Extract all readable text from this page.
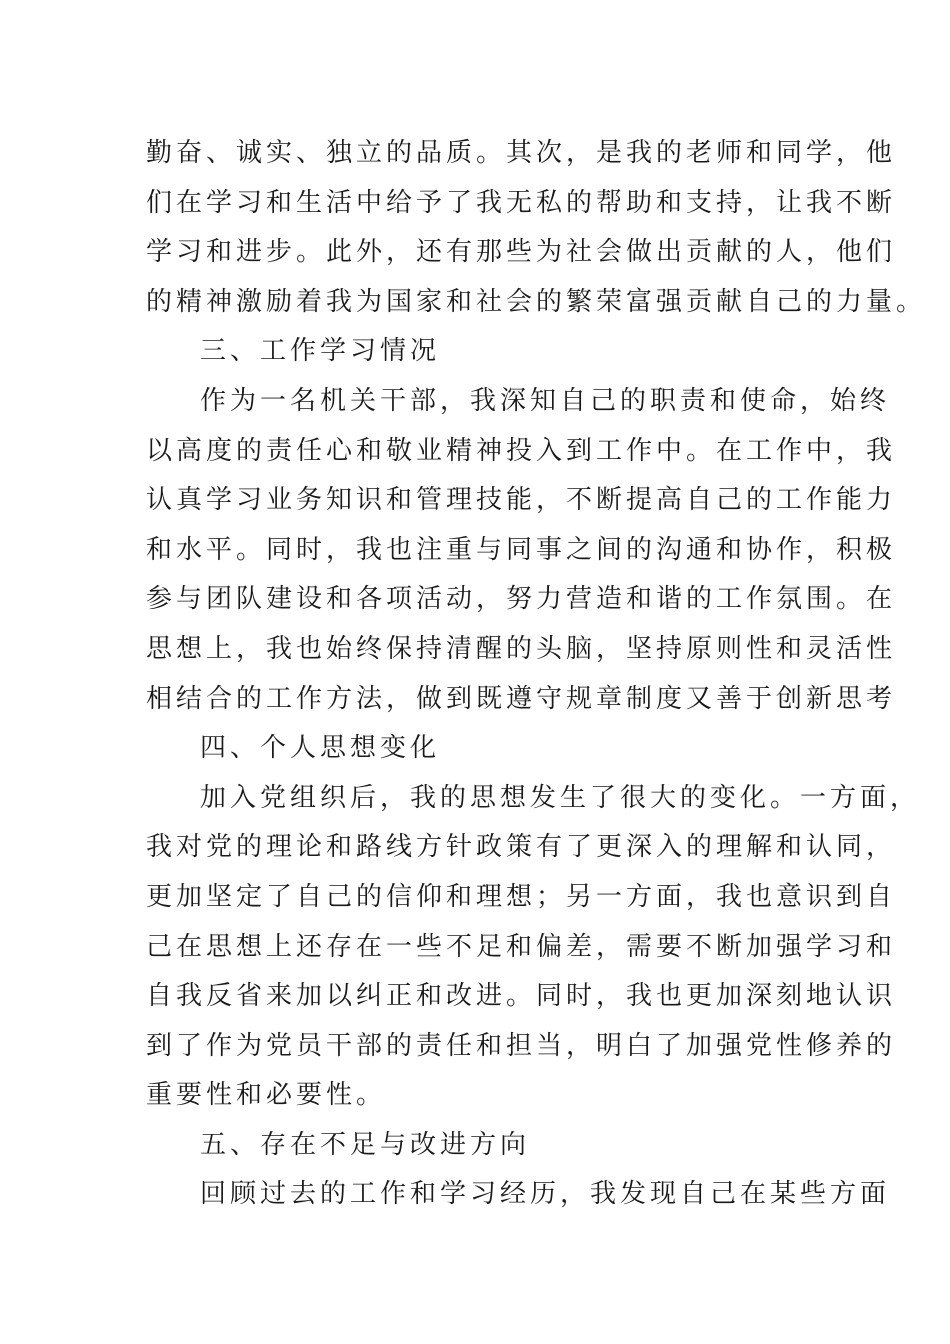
勤奋、诚实、独立的品质。其次，是我的老师和同学，他
们在学习和生活中给予了我无私的帮助和支持，让我不断
学习和进步。此外，还有那些为社会做出贡献的人，他们
的精神激励着我为国家和社会的繁荣富强贡献自己的力量。
三、工作学习情况
作为一名机关干部，我深知自己的职责和使命，始终
以高度的责任心和敬业精神投入到工作中。在工作中，我
认真学习业务知识和管理技能，不断提高自己的工作能力
和水平。同时，我也注重与同事之间的沟通和协作，积极
参与团队建设和各项活动，努力营造和谐的工作氛围。在
思想上，我也始终保持清醒的头脑，坚持原则性和灵活性
相结合的工作方法，做到既遵守规章制度又善于创新思考
四、个人思想变化
加入党组织后，我的思想发生了很大的变化。一方面，
我对党的理论和路线方针政策有了更深入的理解和认同，
更加坚定了自己的信仰和理想；另一方面，我也意识到自
己在思想上还存在一些不足和偏差，需要不断加强学习和
自我反省来加以纠正和改进。同时，我也更加深刻地认识
到了作为党员干部的责任和担当，明白了加强党性修养的
重要性和必要性。
五、存在不足与改进方向
回顾过去的工作和学习经历，我发现自己在某些方面
